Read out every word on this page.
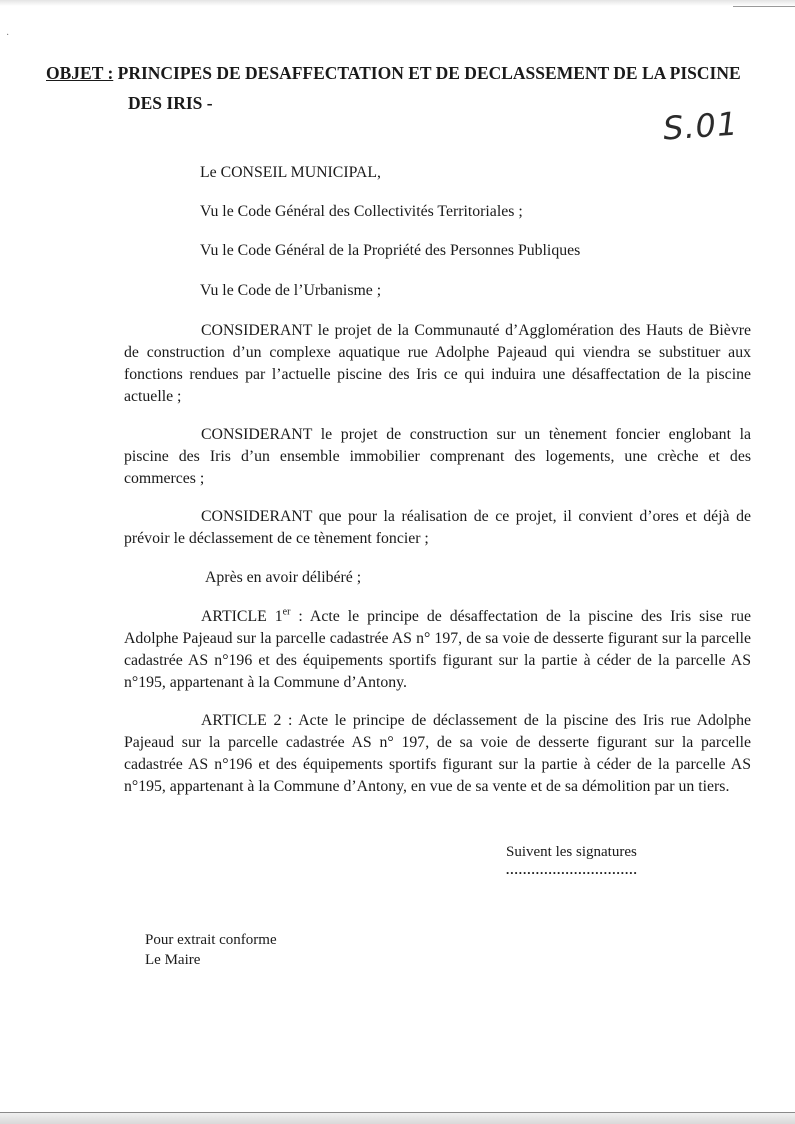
·
OBJET : PRINCIPES DE DESAFFECTATION ET DE DECLASSEMENT DE LA PISCINE
DES IRIS -
S.01
Le CONSEIL MUNICIPAL,
Vu le Code Général des Collectivités Territoriales ;
Vu le Code Général de la Propriété des Personnes Publiques
Vu le Code de l’Urbanisme ;
CONSIDERANT le projet de la Communauté d’Agglomération des Hauts de Bièvre de construction d’un complexe aquatique rue Adolphe Pajeaud qui viendra se substituer aux fonctions rendues par l’actuelle piscine des Iris ce qui induira une désaffectation de la piscine actuelle ;
CONSIDERANT le projet de construction sur un tènement foncier englobant la piscine des Iris d’un ensemble immobilier comprenant des logements, une crèche et des commerces ;
CONSIDERANT que pour la réalisation de ce projet, il convient d’ores et déjà de prévoir le déclassement de ce tènement foncier ;
Après en avoir délibéré ;
ARTICLE 1er : Acte le principe de désaffectation de la piscine des Iris sise rue Adolphe Pajeaud sur la parcelle cadastrée AS n° 197, de sa voie de desserte figurant sur la parcelle cadastrée AS n°196 et des équipements sportifs figurant sur la partie à céder de la parcelle AS n°195, appartenant à la Commune d’Antony.
ARTICLE 2 : Acte le principe de déclassement de la piscine des Iris rue Adolphe Pajeaud sur la parcelle cadastrée AS n° 197, de sa voie de desserte figurant sur la parcelle cadastrée AS n°196 et des équipements sportifs figurant sur la partie à céder de la parcelle AS n°195, appartenant à la Commune d’Antony, en vue de sa vente et de sa démolition par un tiers.
Suivent les signatures
...............................
Pour extrait conforme
Le Maire
